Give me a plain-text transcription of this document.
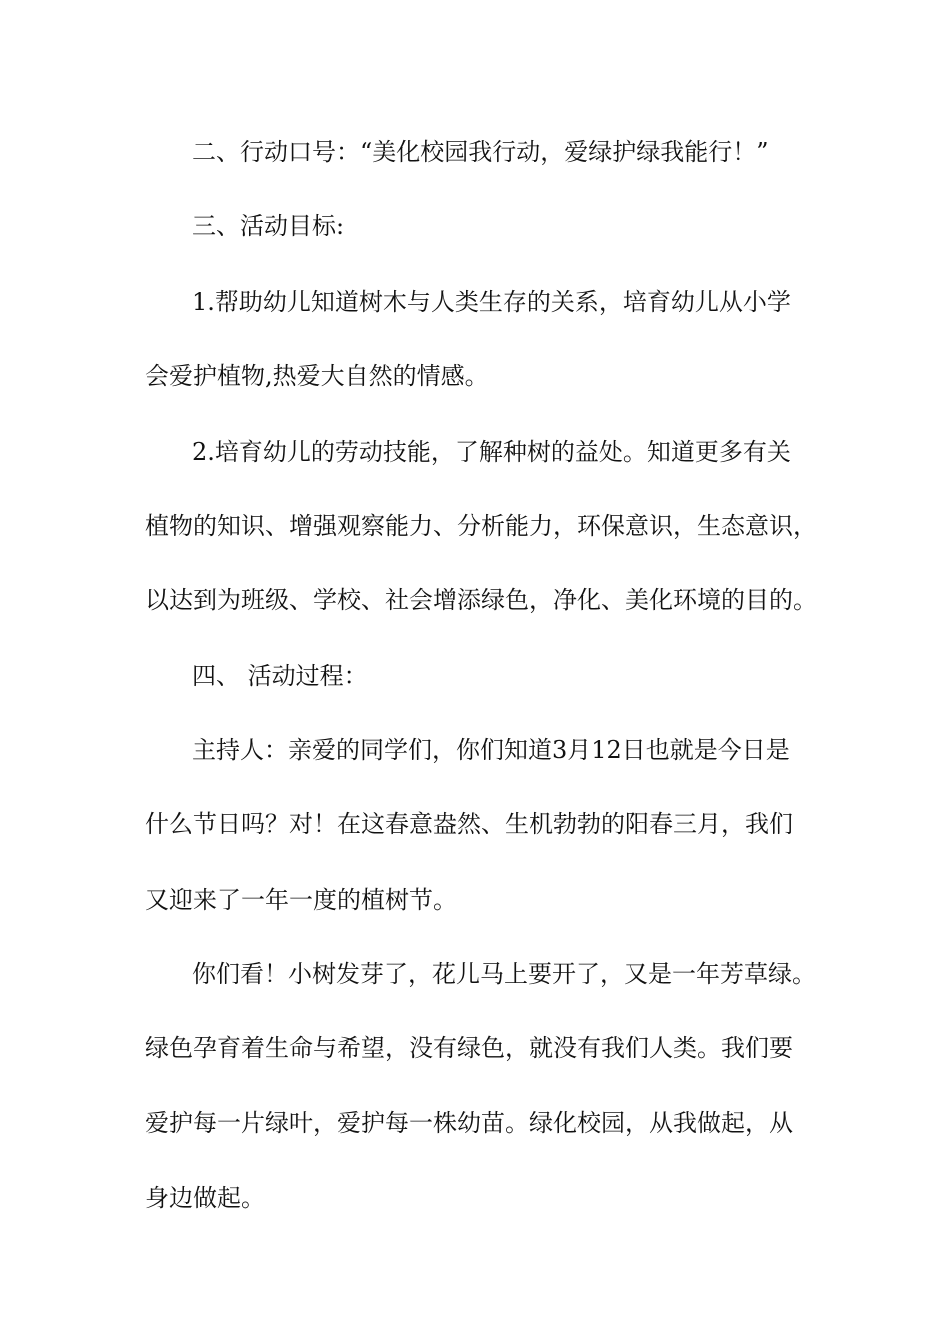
二、行动口号：“美化校园我行动，爱绿护绿我能行！”
三、活动目标:
1.帮助幼儿知道树木与人类生存的关系，培育幼儿从小学
会爱护植物,热爱大自然的情感。
2.培育幼儿的劳动技能，了解种树的益处。知道更多有关
植物的知识、增强观察能力、分析能力，环保意识，生态意识，
以达到为班级、学校、社会增添绿色，净化、美化环境的目的。
四、 活动过程：
主持人：亲爱的同学们，你们知道3月12日也就是今日是
什么节日吗？对！在这春意盎然、生机勃勃的阳春三月，我们
又迎来了一年一度的植树节。
你们看！小树发芽了，花儿马上要开了，又是一年芳草绿。
绿色孕育着生命与希望，没有绿色，就没有我们人类。我们要
爱护每一片绿叶，爱护每一株幼苗。绿化校园，从我做起，从
身边做起。
